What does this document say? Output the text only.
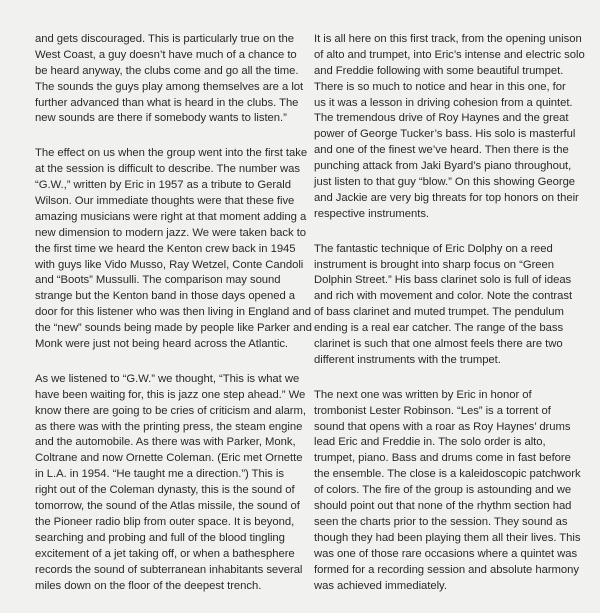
and gets discouraged. This is particularly true on the
West Coast, a guy doesn’t have much of a chance to
be heard anyway, the clubs come and go all the time.
The sounds the guys play among themselves are a lot
further advanced than what is heard in the clubs. The
new sounds are there if somebody wants to listen.”
The effect on us when the group went into the first take
at the session is difficult to describe. The number was
“G.W.,” written by Eric in 1957 as a tribute to Gerald
Wilson. Our immediate thoughts were that these five
amazing musicians were right at that moment adding a
new dimension to modern jazz. We were taken back to
the first time we heard the Kenton crew back in 1945
with guys like Vido Musso, Ray Wetzel, Conte Candoli
and “Boots” Mussulli. The comparison may sound
strange but the Kenton band in those days opened a
door for this listener who was then living in England and
the “new” sounds being made by people like Parker and
Monk were just not being heard across the Atlantic.
As we listened to “G.W.” we thought, “This is what we
have been waiting for, this is jazz one step ahead.” We
know there are going to be cries of criticism and alarm,
as there was with the printing press, the steam engine
and the automobile. As there was with Parker, Monk,
Coltrane and now Ornette Coleman. (Eric met Ornette
in L.A. in 1954. “He taught me a direction.”) This is
right out of the Coleman dynasty, this is the sound of
tomorrow, the sound of the Atlas missile, the sound of
the Pioneer radio blip from outer space. It is beyond,
searching and probing and full of the blood tingling
excitement of a jet taking off, or when a bathesphere
records the sound of subterranean inhabitants several
miles down on the floor of the deepest trench.
It is all here on this first track, from the opening unison
of alto and trumpet, into Eric’s intense and electric solo
and Freddie following with some beautiful trumpet.
There is so much to notice and hear in this one, for
us it was a lesson in driving cohesion from a quintet.
The tremendous drive of Roy Haynes and the great
power of George Tucker’s bass. His solo is masterful
and one of the finest we’ve heard. Then there is the
punching attack from Jaki Byard’s piano throughout,
just listen to that guy “blow.” On this showing George
and Jackie are very big threats for top honors on their
respective instruments.
The fantastic technique of Eric Dolphy on a reed
instrument is brought into sharp focus on “Green
Dolphin Street.” His bass clarinet solo is full of ideas
and rich with movement and color. Note the contrast
of bass clarinet and muted trumpet. The pendulum
ending is a real ear catcher. The range of the bass
clarinet is such that one almost feels there are two
different instruments with the trumpet.
The next one was written by Eric in honor of
trombonist Lester Robinson. “Les” is a torrent of
sound that opens with a roar as Roy Haynes’ drums
lead Eric and Freddie in. The solo order is alto,
trumpet, piano. Bass and drums come in fast before
the ensemble. The close is a kaleidoscopic patchwork
of colors. The fire of the group is astounding and we
should point out that none of the rhythm section had
seen the charts prior to the session. They sound as
though they had been playing them all their lives. This
was one of those rare occasions where a quintet was
formed for a recording session and absolute harmony
was achieved immediately.
